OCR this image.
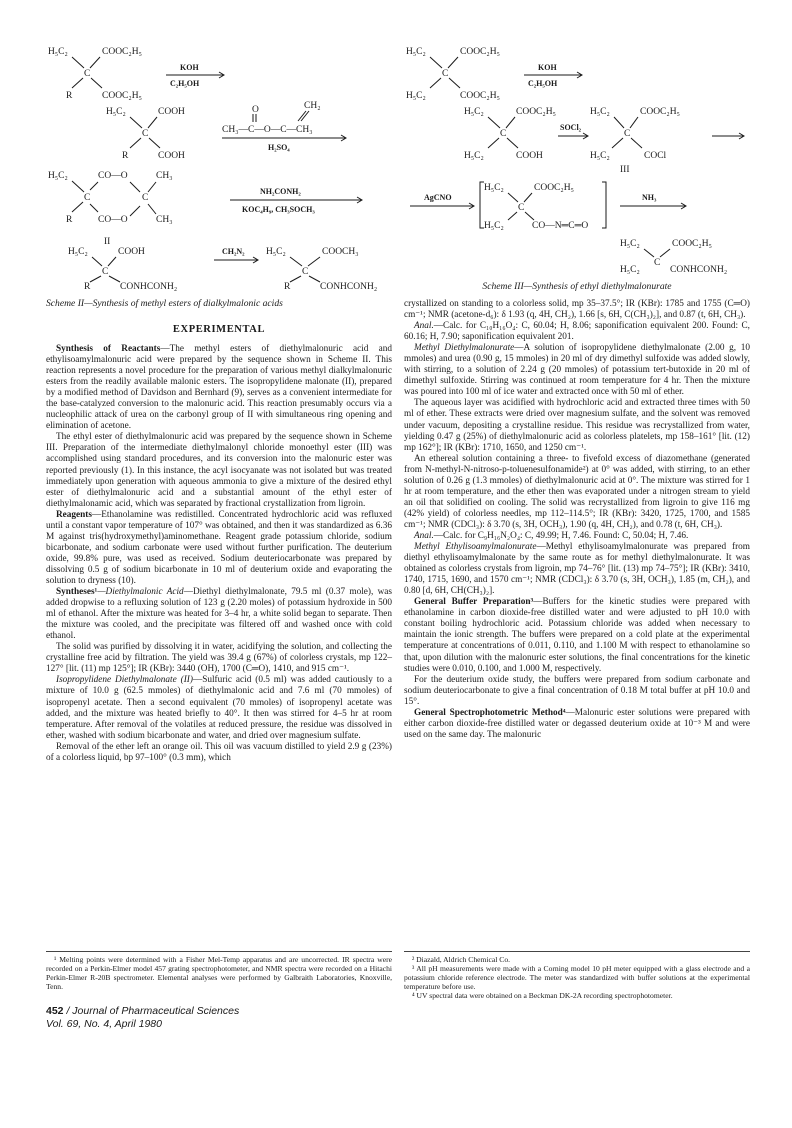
H₅C₂	COOC₂H₅
C
R	COOC₂H₅
KOH
C₂H₅OH
H₅C₂	COOH
C
R	COOH
O	CH₂
CH₃—C—O—C—CH₃
H₂SO₄
H₅C₂	CO—O
C
R	CO—O
C
CH₃
CH₃
II
NH₂CONH₂
KOC₄H₉, CH₃SOCH₃
H₅C₂	COOH
C
CH₂N₂ H₅C₂	COOCH₃
C
R	CONHCONH₂	R	CONHCONH₂
Scheme II—Synthesis of methyl esters of dialkylmalonic acids
EXPERIMENTAL

Synthesis of Reactants—The methyl esters of diethylmalonuric acid and ethylisoamylmalonuric acid were prepared by the sequence shown in Scheme II. This reaction represents a novel procedure for the preparation of various methyl dialkylmalonuric esters from the readily available malonic esters. The isopropylidene malonate (II), prepared by a modified method of Davidson and Bernhard (9), serves as a convenient intermediate for the base-catalyzed conversion to the malonuric acid. This reaction presumably occurs via a nucleophilic attack of urea on the carbonyl group of II with simultaneous ring opening and elimination of acetone.

The ethyl ester of diethylmalonuric acid was prepared by the sequence shown in Scheme III. Preparation of the intermediate diethylmalonyl chloride monoethyl ester (III) was accomplished using standard procedures, and its conversion into the malonuric ester was reported previously (1). In this instance, the acyl isocyanate was not isolated but was treated immediately upon generation with aqueous ammonia to give a mixture of the desired ethyl ester of diethylmalonuric acid and a substantial amount of the ethyl ester of diethylmalonamic acid, which was separated by fractional crystallization from ligroin.

Reagents—Ethanolamine was redistilled. Concentrated hydrochloric acid was refluxed until a constant vapor temperature of 107° was obtained, and then it was standardized as 6.36 M against tris(hydroxymethyl)aminomethane. Reagent grade potassium chloride, sodium bicarbonate, and sodium carbonate were used without further purification. The deuterium oxide, 99.8% pure, was used as received. Sodium deuteriocarbonate was prepared by dissolving 0.5 g of sodium bicarbonate in 10 ml of deuterium oxide and evaporating the solution to dryness (10).

Syntheses¹—Diethylmalonic Acid—Diethyl diethylmalonate, 79.5 ml (0.37 mole), was added dropwise to a refluxing solution of 123 g (2.20 moles) of potassium hydroxide in 500 ml of ethanol. After the mixture was heated for 3–4 hr, a white solid began to separate. Then the mixture was cooled, and the precipitate was filtered off and washed once with cold ethanol.

The solid was purified by dissolving it in water, acidifying the solution, and collecting the crystalline free acid by filtration. The yield was 39.4 g (67%) of colorless crystals, mp 122–127° [lit. (11) mp 125°]; IR (KBr): 3440 (OH), 1700 (C═O), 1410, and 915 cm⁻¹.

Isopropylidene Diethylmalonate (II)—Sulfuric acid (0.5 ml) was added cautiously to a mixture of 10.0 g (62.5 mmoles) of diethylmalonic acid and 7.6 ml (70 mmoles) of isopropenyl acetate. Then a second equivalent (70 mmoles) of isopropenyl acetate was added, and the mixture was heated briefly to 40°. It then was stirred for 4–5 hr at room temperature. After removal of the volatiles at reduced pressure, the residue was dissolved in ether, washed with sodium bicarbonate and water, and dried over magnesium sulfate.

Removal of the ether left an orange oil. This oil was vacuum distilled to yield 2.9 g (23%) of a colorless liquid, bp 97–100° (0.3 mm), which

¹ Melting points were determined with a Fisher Mel-Temp apparatus and are uncorrected. IR spectra were recorded on a Perkin-Elmer model 457 grating spectrophotometer, and NMR spectra were recorded on a Hitachi Perkin-Elmer R-20B spectrometer. Elemental analyses were performed by Galbraith Laboratories, Knoxville, Tenn.

H₅C₂	COOC₂H₅
C
H₅C₂	COOC₂H₅
KOH
C₂H₅OH
H₅C₂	COOC₂H₅
C
H₅C₂	COOH
SOCl₂
H₅C₂	COOC₂H₅
C
H₅C₂	COCl
III
AgCNO
H₅C₂	COOC₂H₅
C
H₅C₂	CO—N═C═O
NH₃
H₅C₂	COOC₂H₅
C
H₅C₂	CONHCONH₂
Scheme III—Synthesis of ethyl diethylmalonurate

crystallized on standing to a colorless solid, mp 35–37.5°; IR (KBr): 1785 and 1755 (C═O) cm⁻¹; NMR (acetone-d₆): δ 1.93 (q, 4H, CH₂), 1.66 [s, 6H, C(CH₃)₂], and 0.87 (t, 6H, CH₃).

Anal.—Calc. for C₁₀H₁₆O₄: C, 60.04; H, 8.06; saponification equivalent 200. Found: C, 60.16; H, 7.90; saponification equivalent 201.

Methyl Diethylmalonurate—A solution of isopropylidene diethylmalonate (2.00 g, 10 mmoles) and urea (0.90 g, 15 mmoles) in 20 ml of dry dimethyl sulfoxide was added slowly, with stirring, to a solution of 2.24 g (20 mmoles) of potassium tert-butoxide in 20 ml of dimethyl sulfoxide. Stirring was continued at room temperature for 4 hr. Then the mixture was poured into 100 ml of ice water and extracted once with 50 ml of ether.

The aqueous layer was acidified with hydrochloric acid and extracted three times with 50 ml of ether. These extracts were dried over magnesium sulfate, and the solvent was removed under vacuum, depositing a crystalline residue. This residue was recrystallized from water, yielding 0.47 g (25%) of diethylmalonuric acid as colorless platelets, mp 158–161° [lit. (12) mp 162°]; IR (KBr): 1710, 1650, and 1250 cm⁻¹.

An ethereal solution containing a three- to fivefold excess of diazomethane (generated from N-methyl-N-nitroso-p-toluenesulfonamide²) at 0° was added, with stirring, to an ether solution of 0.26 g (1.3 mmoles) of diethylmalonuric acid at 0°. The mixture was stirred for 1 hr at room temperature, and the ether then was evaporated under a nitrogen stream to yield an oil that solidified on cooling. The solid was recrystallized from ligroin to give 116 mg (42% yield) of colorless needles, mp 112–114.5°; IR (KBr): 3420, 1725, 1700, and 1585 cm⁻¹; NMR (CDCl₃): δ 3.70 (s, 3H, OCH₃), 1.90 (q, 4H, CH₂), and 0.78 (t, 6H, CH₃).

Anal.—Calc. for C₉H₁₆N₂O₄: C, 49.99; H, 7.46. Found: C, 50.04; H, 7.46.

Methyl Ethylisoamylmalonurate—Methyl ethylisoamylmalonurate was prepared from diethyl ethylisoamylmalonate by the same route as for methyl diethylmalonurate. It was obtained as colorless crystals from ligroin, mp 74–76° [lit. (13) mp 74–75°]; IR (KBr): 3410, 1740, 1715, 1690, and 1570 cm⁻¹; NMR (CDCl₃): δ 3.70 (s, 3H, OCH₃), 1.85 (m, CH₂), and 0.80 [d, 6H, CH(CH₃)₂].

General Buffer Preparation³—Buffers for the kinetic studies were prepared with ethanolamine in carbon dioxide-free distilled water and were adjusted to pH 10.0 with constant boiling hydrochloric acid. Potassium chloride was added when necessary to maintain the ionic strength. The buffers were prepared on a cold plate at the experimental temperature at concentrations of 0.011, 0.110, and 1.100 M with respect to ethanolamine so that, upon dilution with the malonuric ester solutions, the final concentrations for the kinetic studies were 0.010, 0.100, and 1.000 M, respectively.

For the deuterium oxide study, the buffers were prepared from sodium carbonate and sodium deuteriocarbonate to give a final concentration of 0.18 M total buffer at pH 10.0 and 15°.

General Spectrophotometric Method⁴—Malonuric ester solutions were prepared with either carbon dioxide-free distilled water or degassed deuterium oxide at 10⁻³ M and were used on the same day. The malonuric

² Diazald, Aldrich Chemical Co.

³ All pH measurements were made with a Corning model 10 pH meter equipped with a glass electrode and a potassium chloride reference electrode. The meter was standardized with buffer solutions at the experimental temperature before use.

⁴ UV spectral data were obtained on a Beckman DK-2A recording spectrophotometer.

452 / Journal of Pharmaceutical Sciences
Vol. 69, No. 4, April 1980
